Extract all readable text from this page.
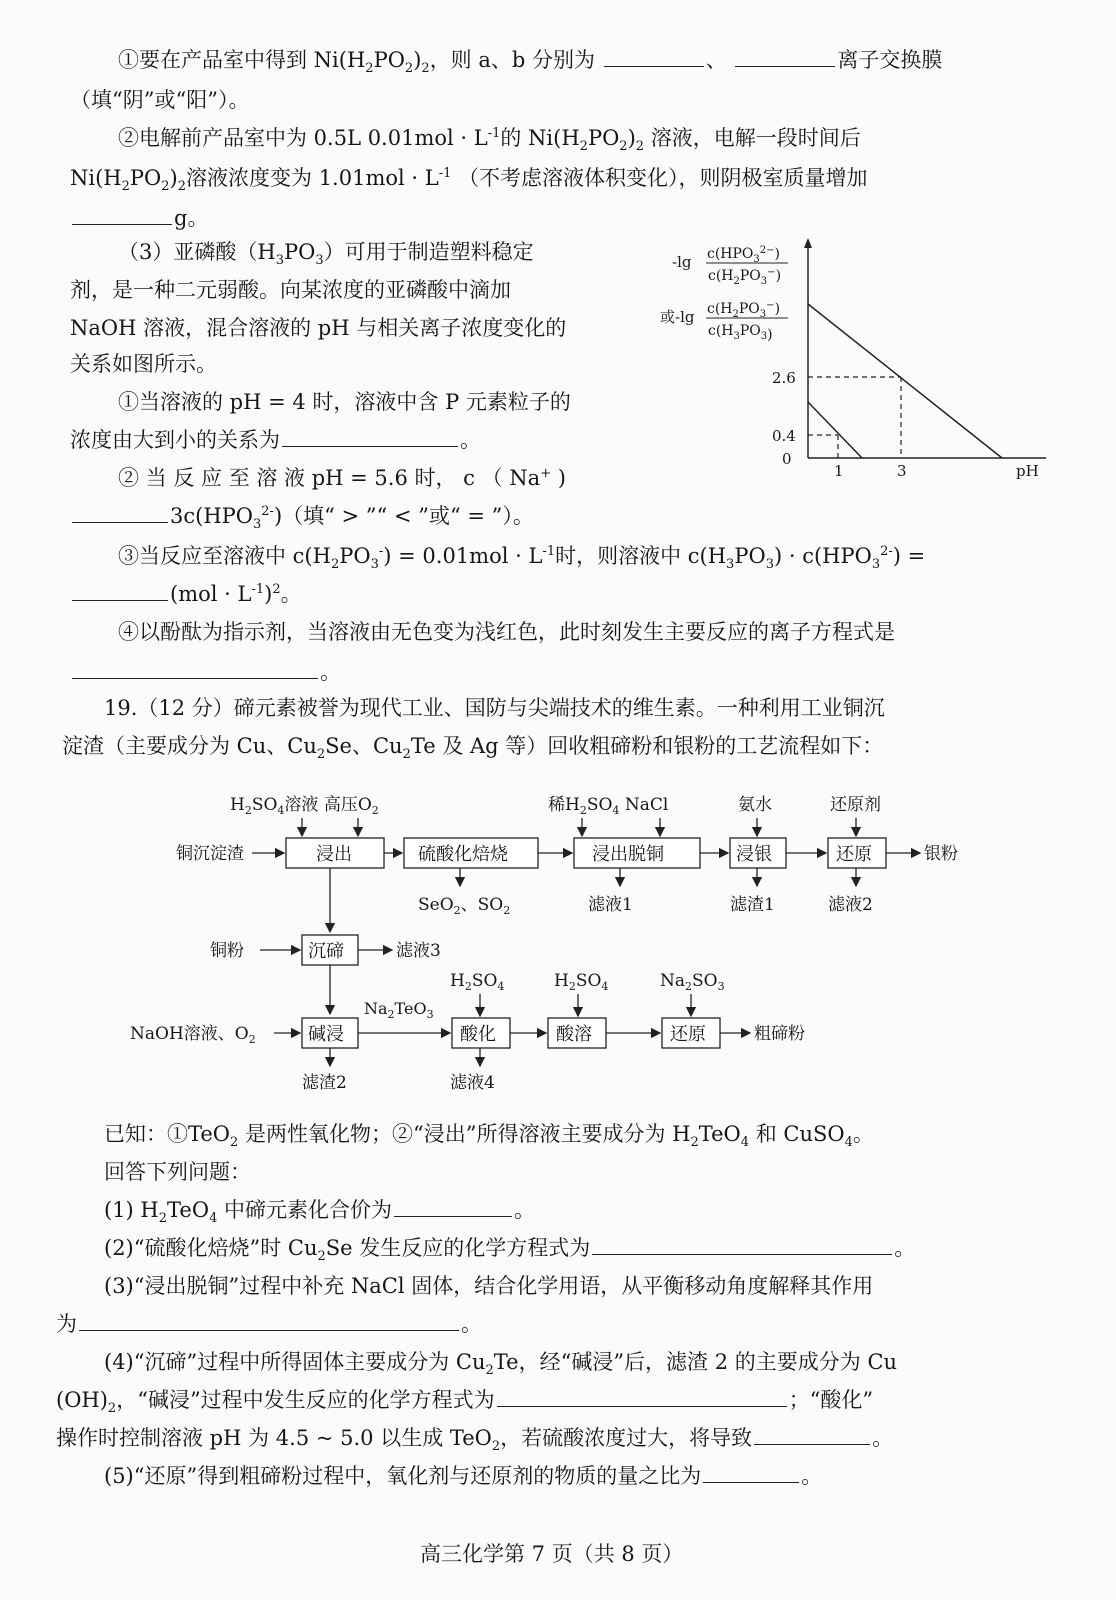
①要在产品室中得到 $Ni(H_2PO_2)_2$，则 a、b 分别为	、	离子交换膜
（填“阴”或“阳”）。
②电解前产品室中为 0.5L $0.01mol \cdot L^{-1}$的 $Ni(H_2PO_2)_2$ 溶液，电解一段时间后
$Ni(H_2PO_2)_2$溶液浓度变为 $1.01mol \cdot L^{-1}$ （不考虑溶液体积变化），则阴极室质量增加
g。
（3）亚磷酸$(H_3PO_3)$可用于制造塑料稳定
剂，是一种二元弱酸。向某浓度的亚磷酸中滴加
NaOH 溶液，混合溶液的 pH 与相关离子浓度变化的
关系如图所示。
①当溶液的 pH = 4 时，溶液中含 P 元素粒子的
浓度由大到小的关系为	。
② 当 反 应 至 溶 液 pH = 5.6 时， c （ Na+ )
$3c(HPO_3^{2-})$（填“ > ”“ < ”或“ = ”）。
③当反应至溶液中 $c(H_2PO_3^-) = 0.01mol \cdot L^{-1}$时，则溶液中 $c(H_3PO_3) \cdot c(HPO_3^{2-})$ =
$(mol \cdot L^{-1})^2$。
④以酚酞为指示剂，当溶液由无色变为浅红色，此时刻发生主要反应的离子方程式是
。
-lg $c(HPO_3^{2-})$
$c(H_2PO_3^-)$
或-lg $c(H_2PO_3^-)$
$c(H_3PO_3)$
2.6
0.4
0
1	3	pH
19.（12 分）碲元素被誉为现代工业、国防与尖端技术的维生素。一种利用工业铜沉
淀渣（主要成分为 Cu、$Cu_2Se$、$Cu_2Te$ 及 Ag 等）回收粗碲粉和银粉的工艺流程如下：
$H_2SO_4$溶液 高压$O_2$	稀$H_2SO_4$ NaCl	氨水	还原剂
铜沉淀渣	浸出	硫酸化焙烧	浸出脱铜	浸银	还原	银粉
SeO$_2$、$SO_2$	滤液1	滤渣1	滤液2
铜粉	沉碲	滤液3
NaOH溶液、$O_2$	碱浸
滤渣2
$Na_2TeO_3$
$H_2SO_4$
酸化
滤液4
$H_2SO_4$
酸溶
$Na_2SO_3$
还原	粗碲粉
已知：①TeO$_2$ 是两性氧化物；②“浸出”所得溶液主要成分为 $H_2TeO_4$ 和 CuSO$_4$。
回答下列问题：
(1) $H_2TeO_4$ 中碲元素化合价为	。
(2)“硫酸化焙烧”时 $Cu_2Se$ 发生反应的化学方程式为	。
(3)“浸出脱铜”过程中补充 NaCl 固体，结合化学用语，从平衡移动角度解释其作用
为	。
(4)“沉碲”过程中所得固体主要成分为 $Cu_2Te$，经“碱浸”后，滤渣 2 的主要成分为 Cu
$(OH)_2$，“碱浸”过程中发生反应的化学方程式为	；“酸化”
操作时控制溶液 pH 为 4.5 ~ 5.0 以生成 TeO$_2$，若硫酸浓度过大，将导致	。
(5)“还原”得到粗碲粉过程中，氧化剂与还原剂的物质的量之比为	。
高三化学第 7 页（共 8 页）
